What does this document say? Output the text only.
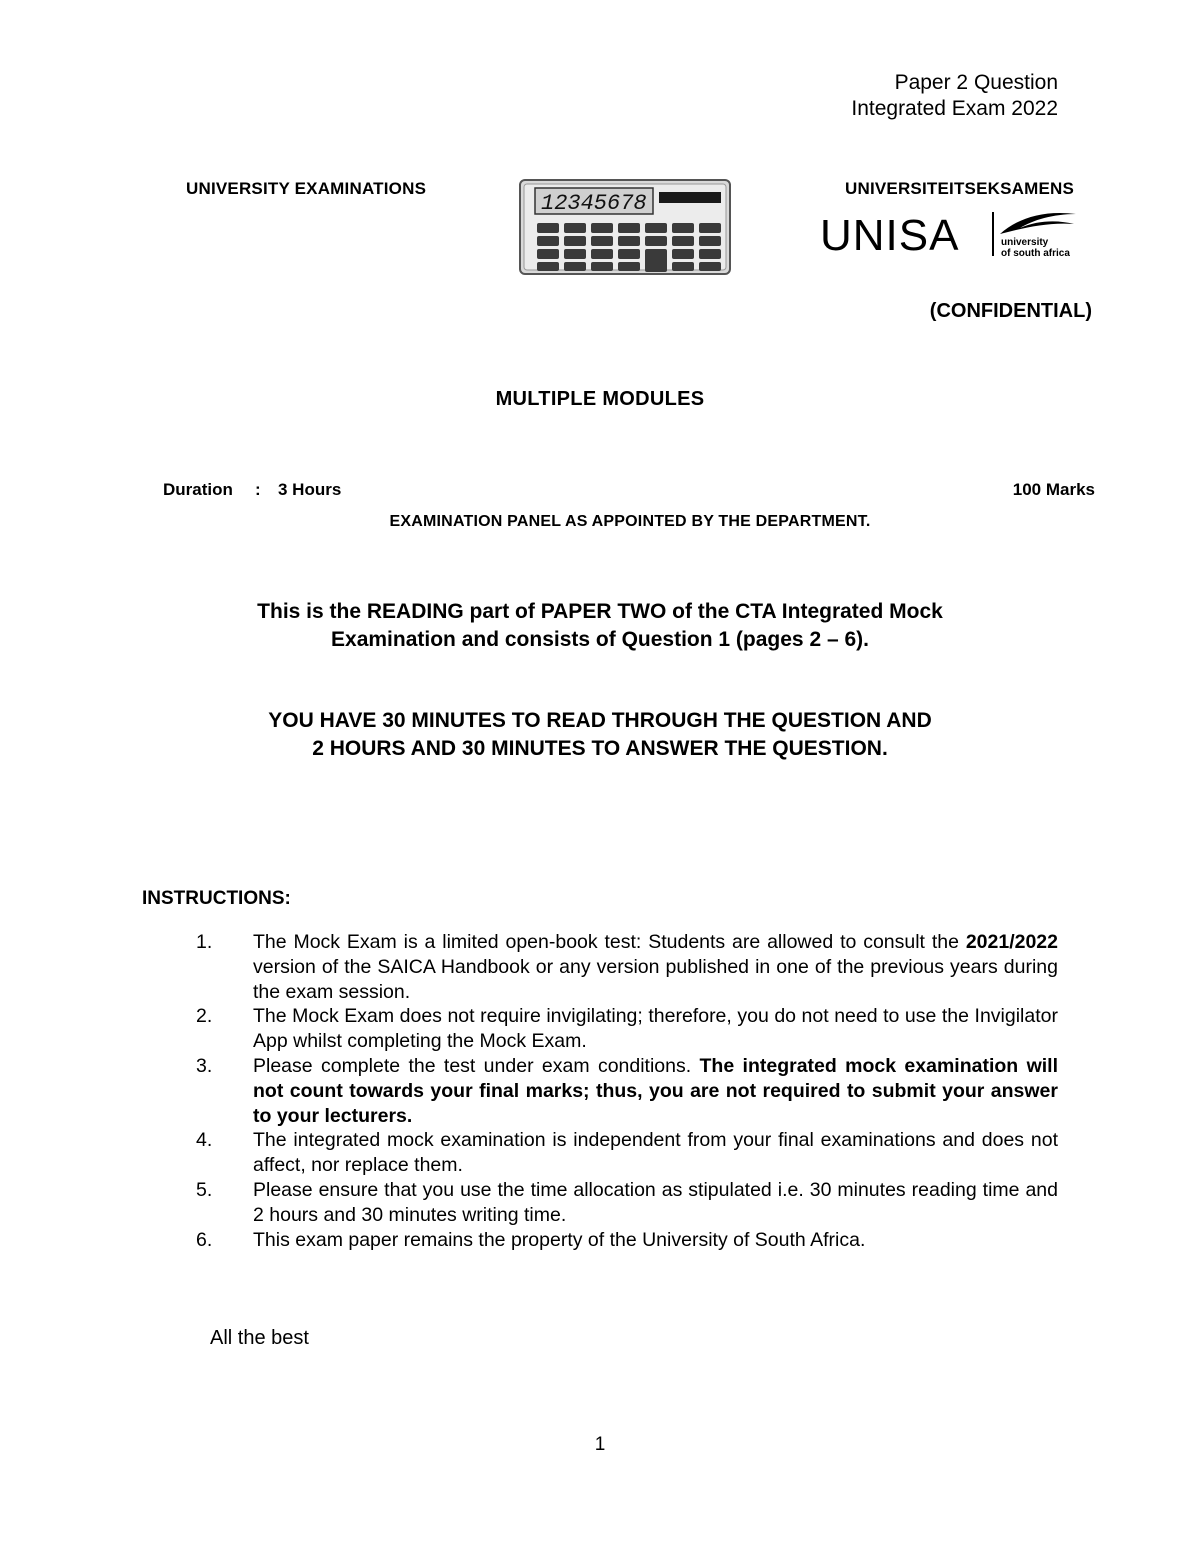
Paper 2 Question
Integrated Exam 2022
UNIVERSITY EXAMINATIONS
12345678
UNIVERSITEITSEKSAMENS
UNISA	university
of south africa
(CONFIDENTIAL)
MULTIPLE MODULES
Duration : 3 Hours	100 Marks
EXAMINATION PANEL AS APPOINTED BY THE DEPARTMENT.
This is the READING part of PAPER TWO of the CTA Integrated Mock
Examination and consists of Question 1 (pages 2 – 6).
YOU HAVE 30 MINUTES TO READ THROUGH THE QUESTION AND
2 HOURS AND 30 MINUTES TO ANSWER THE QUESTION.
INSTRUCTIONS:
1. The Mock Exam is a limited open-book test: Students are allowed to consult the 2021/2022 version of the SAICA Handbook or any version published in one of the previous years during the exam session.
2. The Mock Exam does not require invigilating; therefore, you do not need to use the Invigilator App whilst completing the Mock Exam.
3. Please complete the test under exam conditions. The integrated mock examination will not count towards your final marks; thus, you are not required to submit your answer to your lecturers.
4. The integrated mock examination is independent from your final examinations and does not affect, nor replace them.
5. Please ensure that you use the time allocation as stipulated i.e. 30 minutes reading time and 2 hours and 30 minutes writing time.
6. This exam paper remains the property of the University of South Africa.
All the best
1
